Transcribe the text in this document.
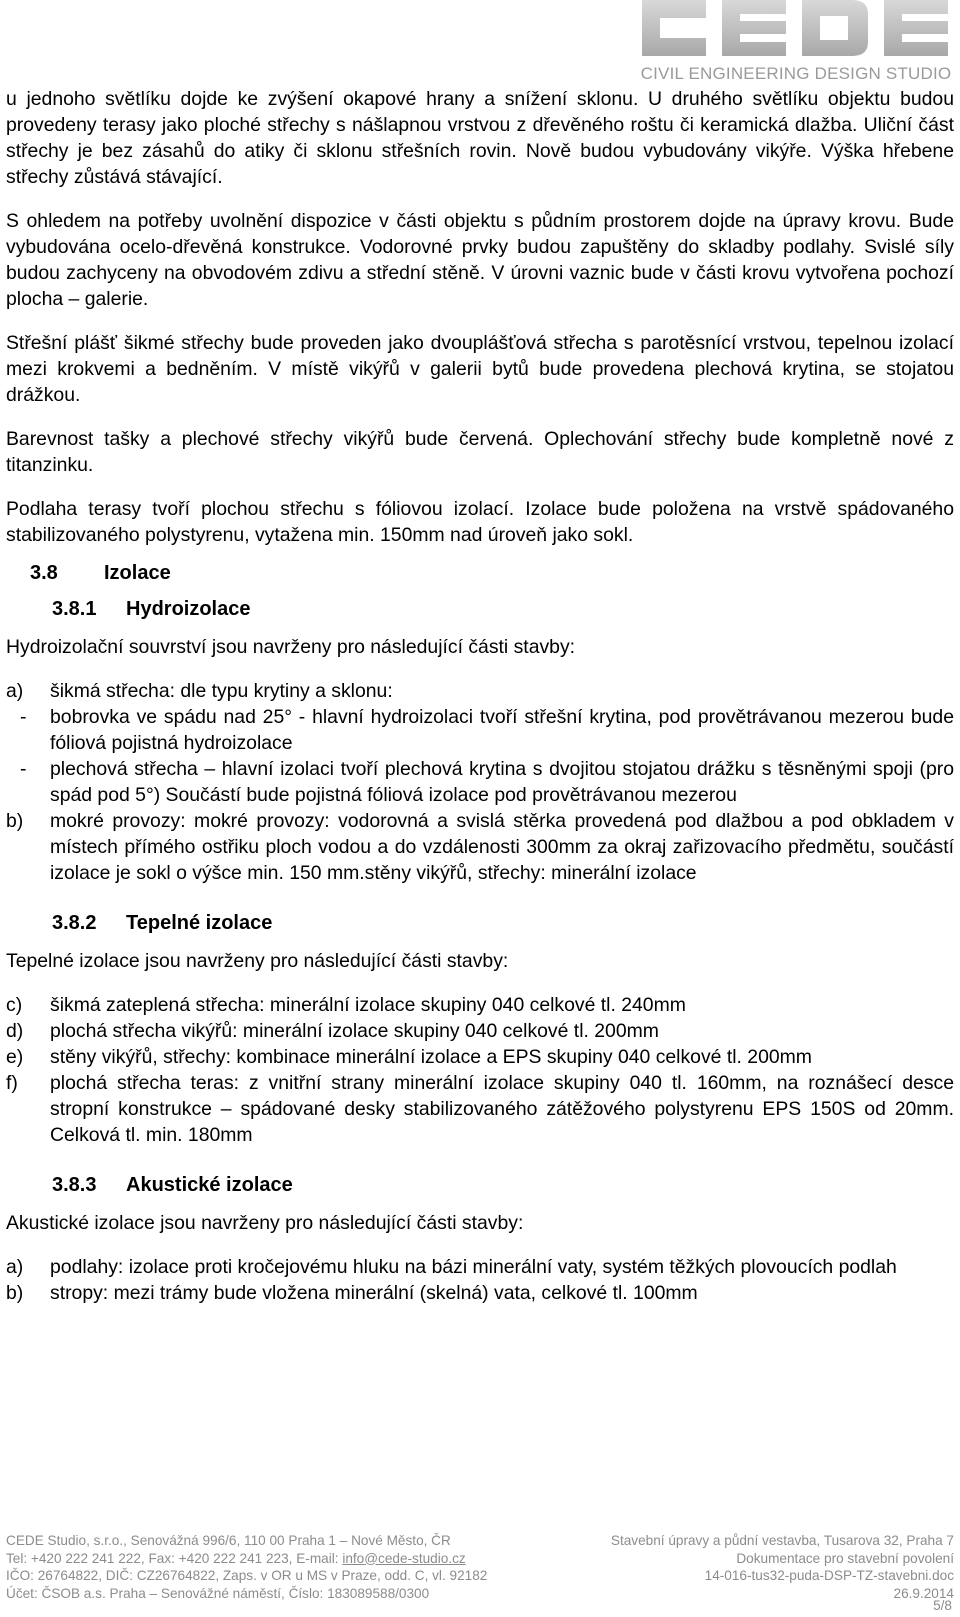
CIVIL ENGINEERING DESIGN STUDIO

u jednoho světlíku dojde ke zvýšení okapové hrany a snížení sklonu. U druhého světlíku objektu budou provedeny terasy jako ploché střechy s nášlapnou vrstvou z dřevěného roštu či keramická dlažba. Uliční část střechy je bez zásahů do atiky či sklonu střešních rovin. Nově budou vybudovány vikýře. Výška hřebene střechy zůstává stávající.

S ohledem na potřeby uvolnění dispozice v části objektu s půdním prostorem dojde na úpravy krovu. Bude vybudována ocelo-dřevěná konstrukce. Vodorovné prvky budou zapuštěny do skladby podlahy. Svislé síly budou zachyceny na obvodovém zdivu a střední stěně. V úrovni vaznic bude v části krovu vytvořena pochozí plocha – galerie.

Střešní plášť šikmé střechy bude proveden jako dvouplášťová střecha s parotěsnící vrstvou, tepelnou izolací mezi krokvemi a bedněním. V místě vikýřů v galerii bytů bude provedena plechová krytina, se stojatou drážkou.

Barevnost tašky a plechové střechy vikýřů bude červená. Oplechování střechy bude kompletně nové z titanzinku.

Podlaha terasy tvoří plochou střechu s fóliovou izolací. Izolace bude položena na vrstvě spádovaného stabilizovaného polystyrenu, vytažena min. 150mm nad úroveň jako sokl.

3.8 Izolace
3.8.1 Hydroizolace

Hydroizolační souvrství jsou navrženy pro následující části stavby:

a)	šikmá střecha: dle typu krytiny a sklonu:
-	bobrovka ve spádu nad 25° - hlavní hydroizolaci tvoří střešní krytina, pod provětrávanou mezerou bude fóliová pojistná hydroizolace
-	plechová střecha – hlavní izolaci tvoří plechová krytina s dvojitou stojatou drážku s těsněnými spoji (pro spád pod 5°) Součástí bude pojistná fóliová izolace pod provětrávanou mezerou
b)	mokré provozy: mokré provozy: vodorovná a svislá stěrka provedená pod dlažbou a pod obkladem v místech přímého ostřiku ploch vodou a do vzdálenosti 300mm za okraj zařizovacího předmětu, součástí izolace je sokl o výšce min. 150 mm.stěny vikýřů, střechy: minerální izolace
3.8.2 Tepelné izolace

Tepelné izolace jsou navrženy pro následující části stavby:

c)	šikmá zateplená střecha: minerální izolace skupiny 040 celkové tl. 240mm
d)	plochá střecha vikýřů: minerální izolace skupiny 040 celkové tl. 200mm
e)	stěny vikýřů, střechy: kombinace minerální izolace a EPS skupiny 040 celkové tl. 200mm
f)	plochá střecha teras: z vnitřní strany minerální izolace skupiny 040 tl. 160mm, na roznášecí desce stropní konstrukce – spádované desky stabilizovaného zátěžového polystyrenu EPS 150S od 20mm. Celková tl. min. 180mm
3.8.3 Akustické izolace

Akustické izolace jsou navrženy pro následující části stavby:

a)	podlahy: izolace proti kročejovému hluku na bázi minerální vaty, systém těžkých plovoucích podlah
b)	stropy: mezi trámy bude vložena minerální (skelná) vata, celkové tl. 100mm
CEDE Studio, s.r.o., Senovážná 996/6, 110 00 Praha 1 – Nové Město, ČR	Stavební úpravy a půdní vestavba, Tusarova 32, Praha 7
Tel: +420 222 241 222, Fax: +420 222 241 223, E-mail: info@cede-studio.cz	Dokumentace pro stavební povolení
IČO: 26764822, DIČ: CZ26764822, Zaps. v OR u MS v Praze, odd. C, vl. 92182	14-016-tus32-puda-DSP-TZ-stavebni.doc
Účet: ČSOB a.s. Praha – Senovážné náměstí, Číslo: 183089588/0300	26.9.2014
5/8
